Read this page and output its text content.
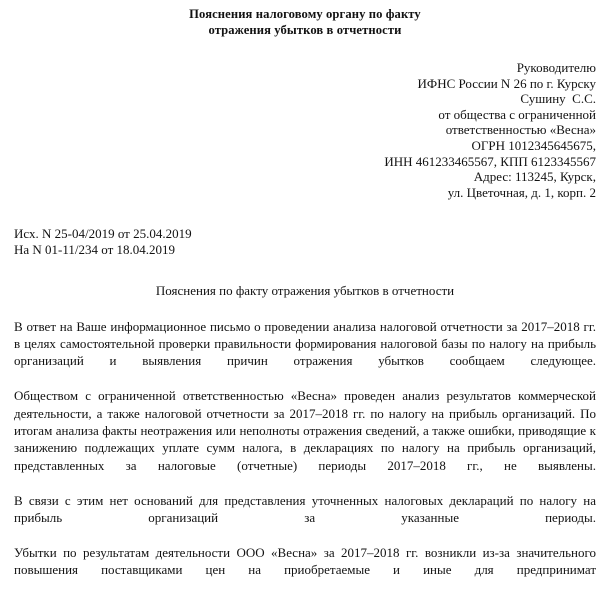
Пояснения налоговому органу по факту
отражения убытков в отчетности
Руководителю
ИФНС России N 26 по г. Курску
Сушину  С.С.
от общества с ограниченной
ответственностью «Весна»
ОГРН 1012345645675,
ИНН 461233465567, КПП 6123345567
Адрес: 113245, Курск,
ул. Цветочная, д. 1, корп. 2
Исх. N 25-04/2019 от 25.04.2019
На N 01-11/234 от 18.04.2019
Пояснения по факту отражения убытков в отчетности

В ответ на Ваше информационное письмо о проведении анализа налоговой отчетности за 2017–2018 гг. в целях самостоятельной проверки правильности формирования налоговой базы по налогу на прибыль организаций и выявления причин отражения убытков сообщаем следующее.

Обществом с ограниченной ответственностью «Весна» проведен анализ результатов коммерческой деятельности, а также налоговой отчетности за 2017–2018 гг. по налогу на прибыль организаций. По итогам анализа факты неотражения или неполноты отражения сведений, а также ошибки, приводящие к занижению подлежащих уплате сумм налога, в декларациях по налогу на прибыль организаций, представленных за налоговые (отчетные) периоды 2017–2018 гг., не выявлены.

В связи с этим нет оснований для представления уточненных налоговых деклараций по налогу на прибыль организаций за указанные периоды.

Убытки по результатам деятельности ООО «Весна» за 2017–2018 гг. возникли из-за значительного повышения поставщиками цен на приобретаемые и иные для предпринимат
